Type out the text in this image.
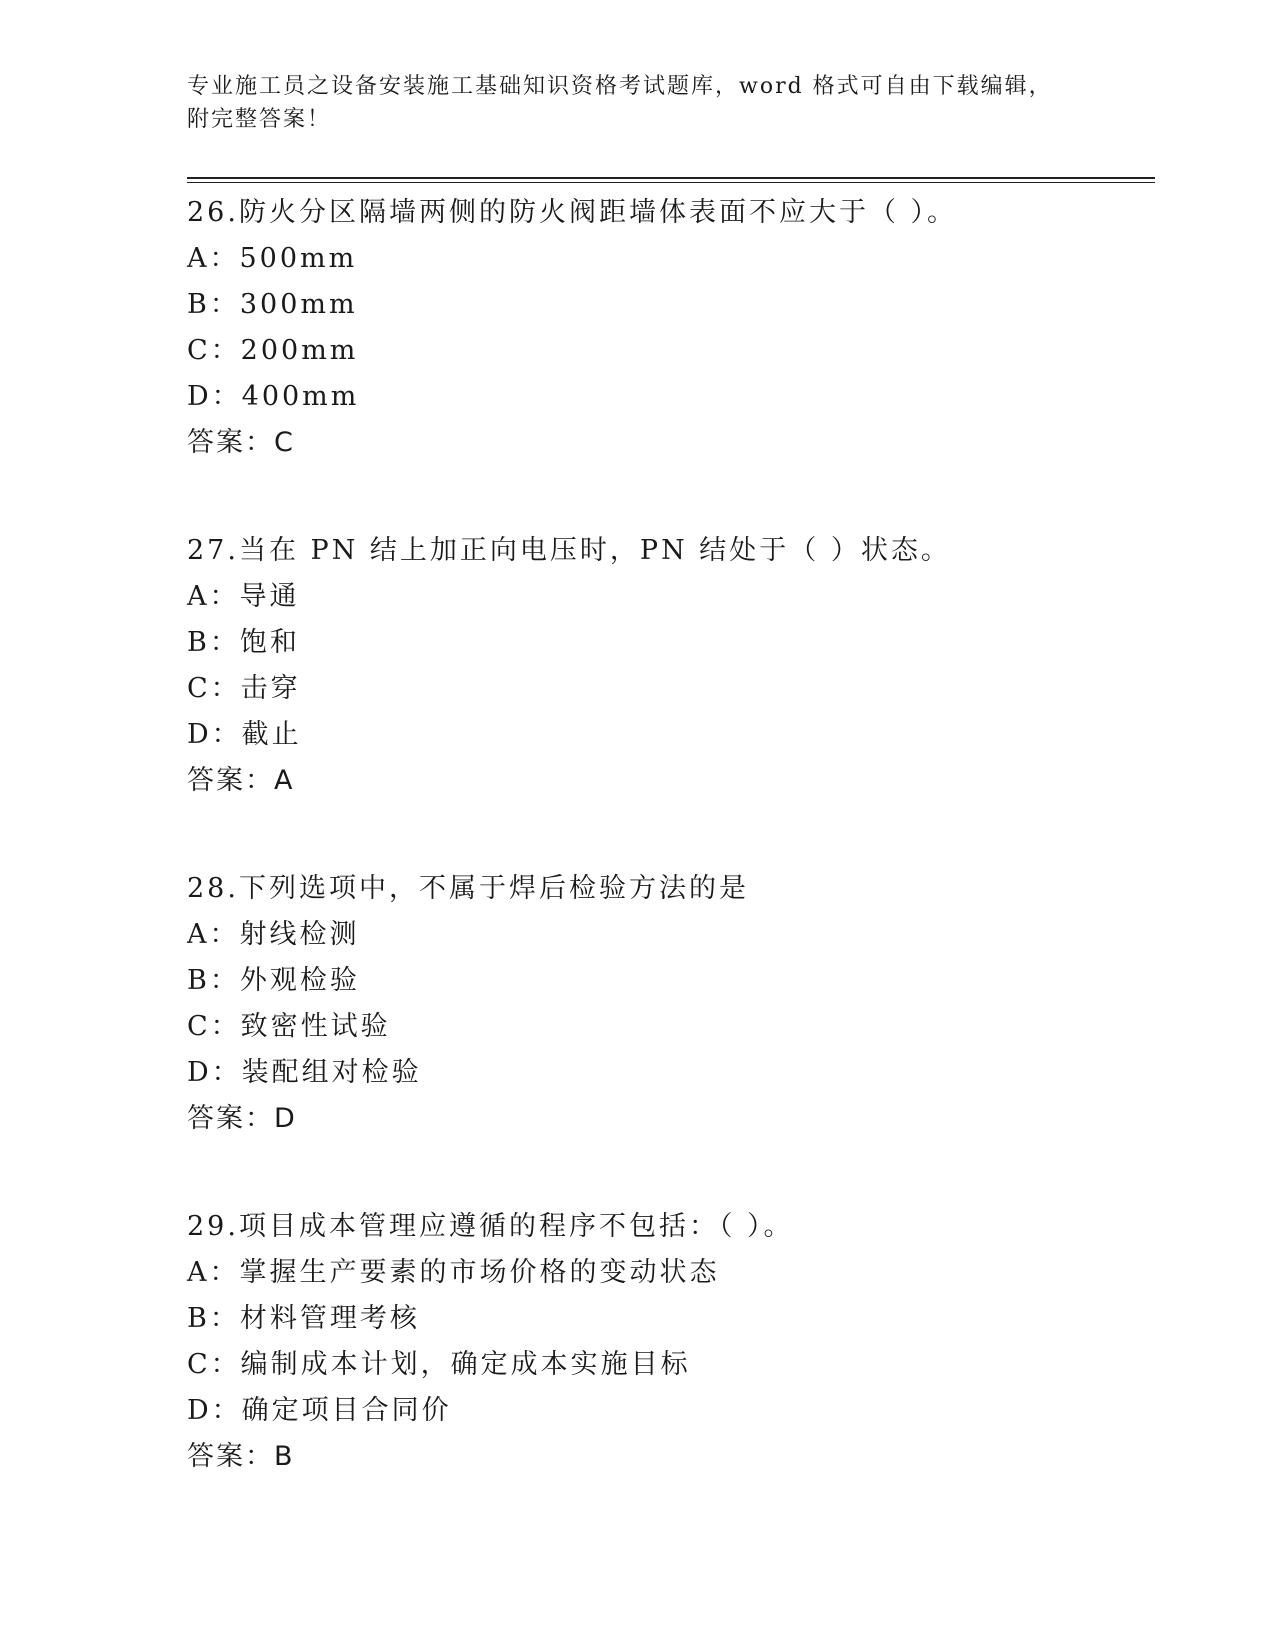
专业施工员之设备安装施工基础知识资格考试题库，word 格式可自由下载编辑，
附完整答案！
26.防火分区隔墙两侧的防火阀距墙体表面不应大于（ ）。
A：500mm
B：300mm
C：200mm
D：400mm
答案：C
27.当在 PN 结上加正向电压时，PN 结处于（ ）状态。
A：导通
B：饱和
C：击穿
D：截止
答案：A
28.下列选项中，不属于焊后检验方法的是
A：射线检测
B：外观检验
C：致密性试验
D：装配组对检验
答案：D
29.项目成本管理应遵循的程序不包括：（ ）。
A：掌握生产要素的市场价格的变动状态
B：材料管理考核
C：编制成本计划，确定成本实施目标
D：确定项目合同价
答案：B
